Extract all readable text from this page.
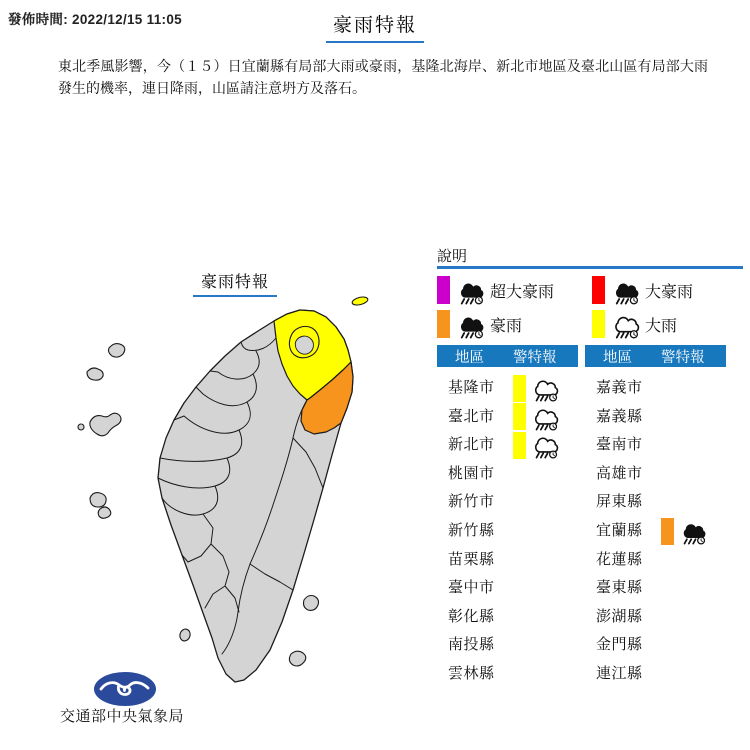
發佈時間: 2022/12/15 11:05	豪雨特報
東北季風影響，今（１５）日宜蘭縣有局部大雨或豪雨，基隆北海岸、新北市地區及臺北山區有局部大雨發生的機率，連日降雨，山區請注意坍方及落石。
豪雨特報
交通部中央氣象局
說明
超大豪雨	大豪雨
豪雨	大雨
地區 警特報
基隆市
臺北市
新北市
桃園市
新竹市
新竹縣
苗栗縣
臺中市
彰化縣
南投縣
雲林縣
地區 警特報
嘉義市
嘉義縣
臺南市
高雄市
屏東縣
宜蘭縣
花蓮縣
臺東縣
澎湖縣
金門縣
連江縣
